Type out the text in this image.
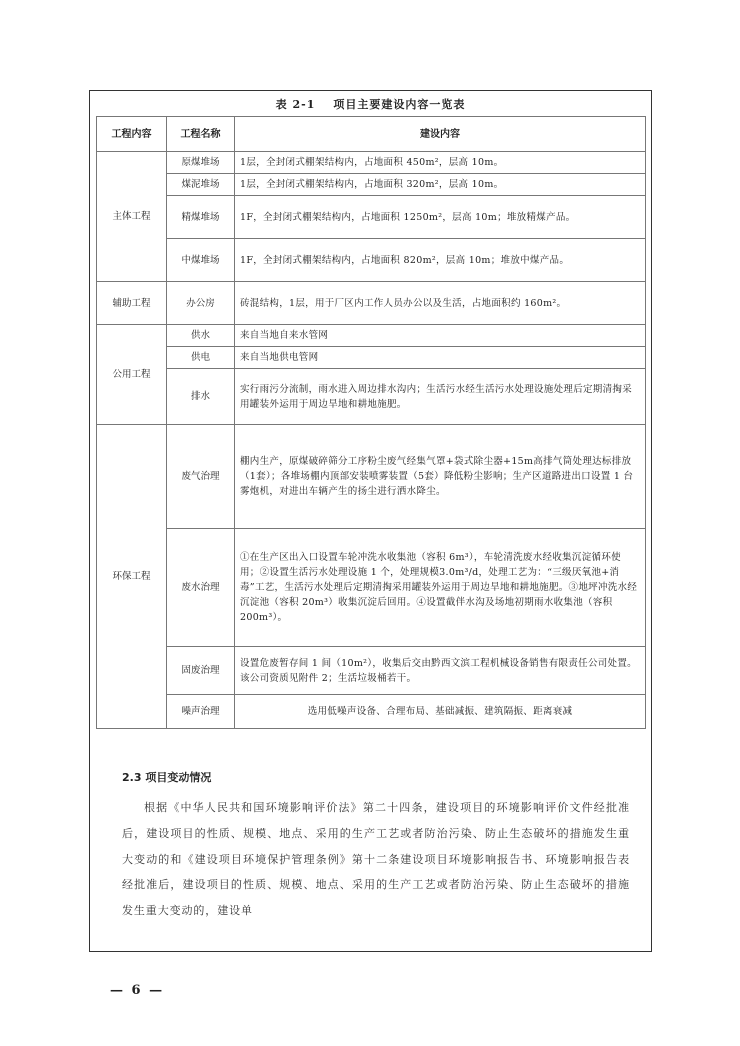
表 2-1 项目主要建设内容一览表
工程内容	工程名称	建设内容
主体工程	原煤堆场	1层，全封闭式棚架结构内，占地面积 450m²，层高 10m。
	煤泥堆场	1层，全封闭式棚架结构内，占地面积 320m²，层高 10m。
	精煤堆场	1F，全封闭式棚架结构内，占地面积 1250m²，层高 10m；堆放精煤产品。
	中煤堆场	1F，全封闭式棚架结构内，占地面积 820m²，层高 10m；堆放中煤产品。
辅助工程	办公房	砖混结构，1层，用于厂区内工作人员办公以及生活，占地面积约 160m²。
公用工程	供水	来自当地自来水管网
	供电	来自当地供电管网
	排水	实行雨污分流制，雨水进入周边排水沟内；生活污水经生活污水处理设施处理后定期清掏采用罐装外运用于周边旱地和耕地施肥。
环保工程	废气治理	棚内生产，原煤破碎筛分工序粉尘废气经集气罩+袋式除尘器+15m高排气筒处理达标排放（1套）；各堆场棚内顶部安装喷雾装置（5套）降低粉尘影响；生产区道路进出口设置 1 台雾炮机，对进出车辆产生的扬尘进行洒水降尘。
	废水治理	①在生产区出入口设置车轮冲洗水收集池（容积 6m³），车轮清洗废水经收集沉淀循环使用；②设置生活污水处理设施 1 个，处理规模3.0m³/d，处理工艺为：“三级厌氧池+消毒”工艺，生活污水处理后定期清掏采用罐装外运用于周边旱地和耕地施肥。③地坪冲洗水经沉淀池（容积 20m³）收集沉淀后回用。④设置截伴水沟及场地初期雨水收集池（容积 200m³）。
	固废治理	设置危废暂存间 1 间（10m²），收集后交由黔西文滨工程机械设备销售有限责任公司处置。该公司资质见附件 2；生活垃圾桶若干。
	噪声治理	选用低噪声设备、合理布局、基础减振、建筑隔振、距离衰减
2.3 项目变动情况
根据《中华人民共和国环境影响评价法》第二十四条，建设项目的环境影响评价文件经批准后，建设项目的性质、规模、地点、采用的生产工艺或者防治污染、防止生态破坏的措施发生重大变动的和《建设项目环境保护管理条例》第十二条建设项目环境影响报告书、环境影响报告表经批准后，建设项目的性质、规模、地点、采用的生产工艺或者防治污染、防止生态破坏的措施发生重大变动的，建设单
— 6 —
